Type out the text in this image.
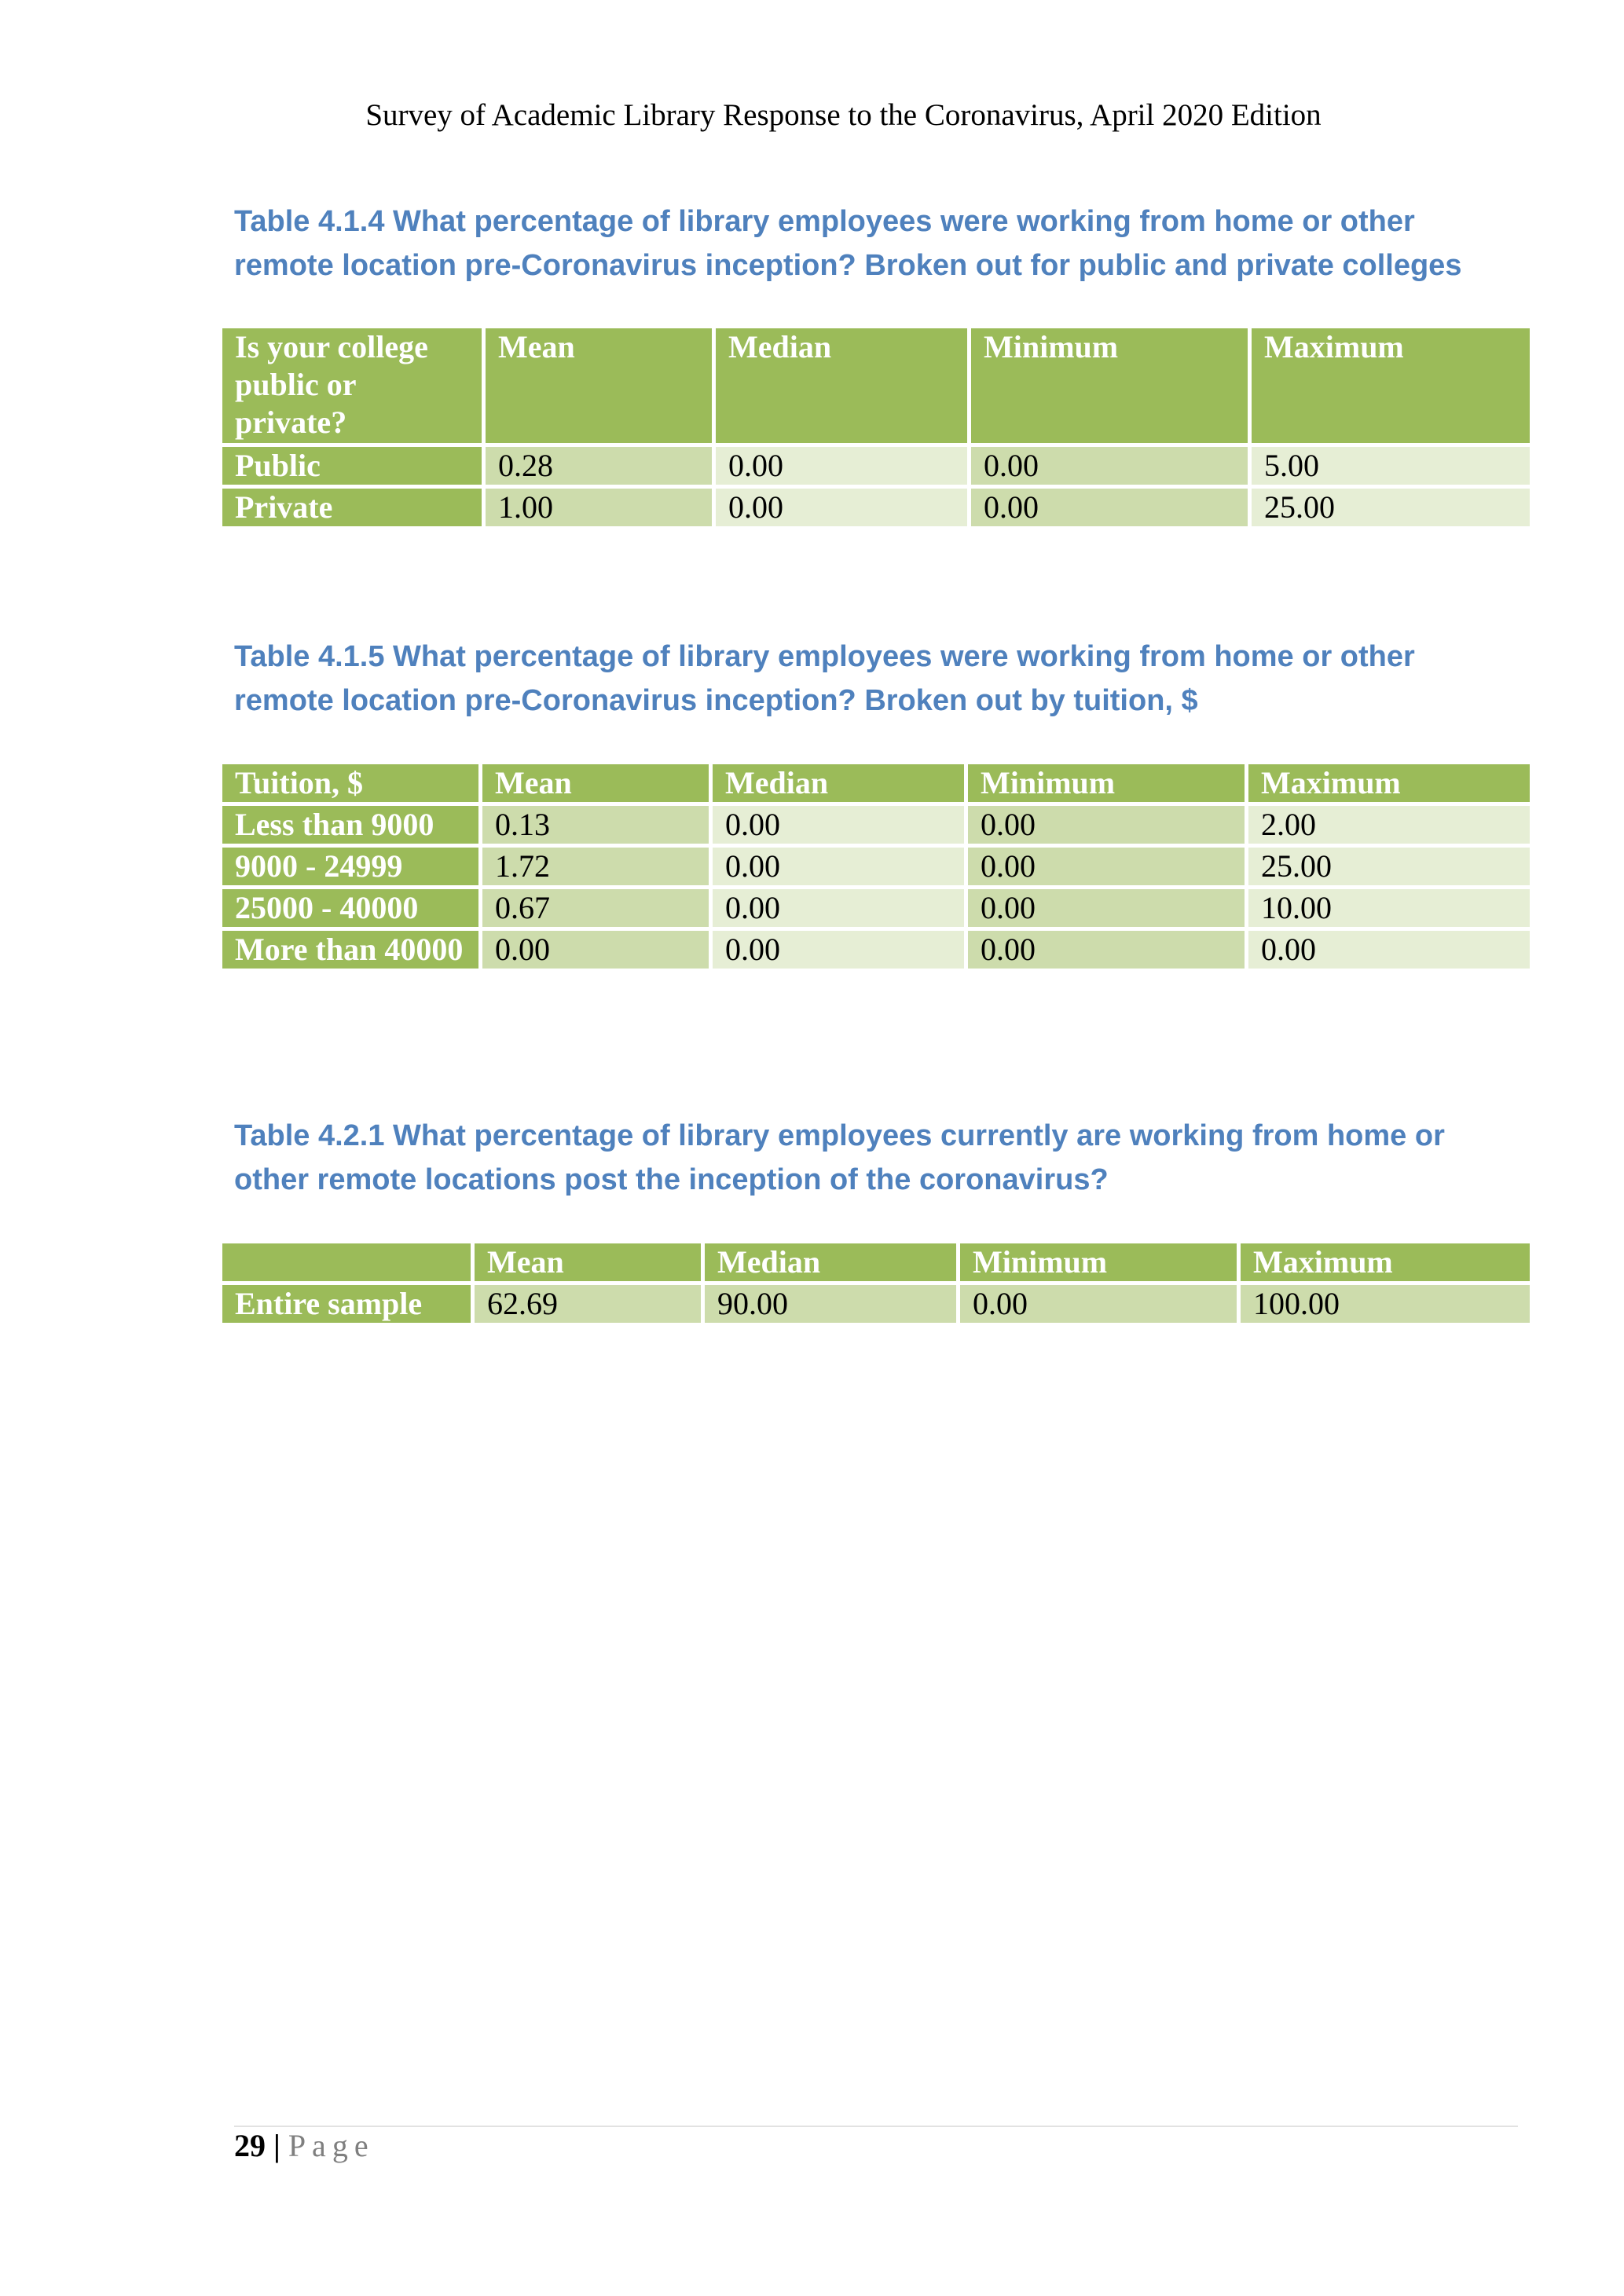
Survey of Academic Library Response to the Coronavirus, April 2020 Edition
Table 4.1.4 What percentage of library employees were working from home or other
remote location pre-Coronavirus inception? Broken out for public and private colleges
Is your college public or private?	Mean	Median	Minimum	Maximum
Public	0.28	0.00	0.00	5.00
Private	1.00	0.00	0.00	25.00
Table 4.1.5 What percentage of library employees were working from home or other
remote location pre-Coronavirus inception? Broken out by tuition, $
Tuition, $	Mean	Median	Minimum	Maximum
Less than 9000	0.13	0.00	0.00	2.00
9000 - 24999	1.72	0.00	0.00	25.00
25000 - 40000	0.67	0.00	0.00	10.00
More than 40000	0.00	0.00	0.00	0.00
Table 4.2.1 What percentage of library employees currently are working from home or
other remote locations post the inception of the coronavirus?
	Mean	Median	Minimum	Maximum
Entire sample	62.69	90.00	0.00	100.00
29 | Page
